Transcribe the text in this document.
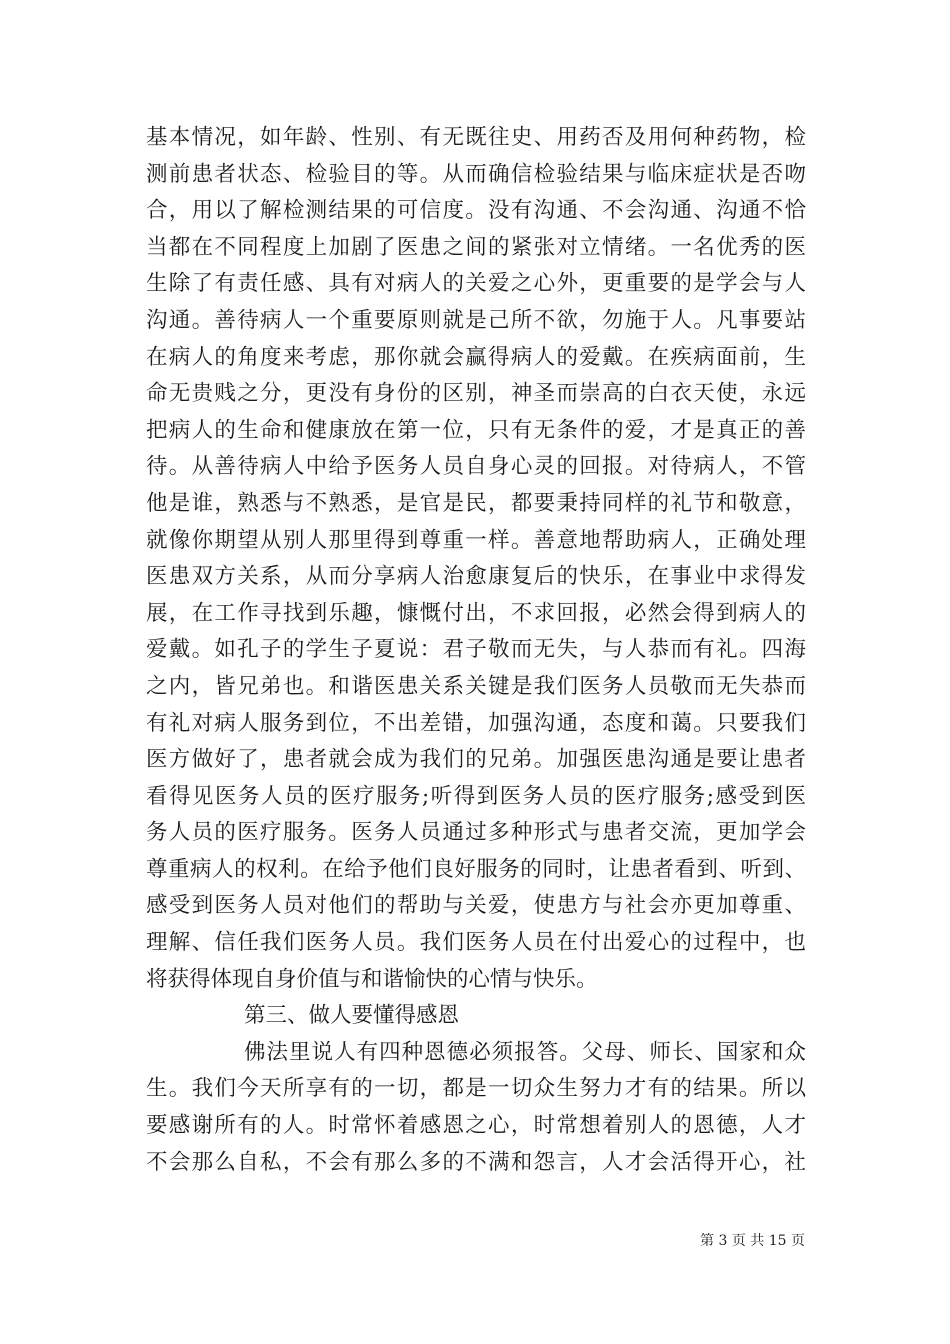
基本情况，如年龄、性别、有无既往史、用药否及用何种药物，检
测前患者状态、检验目的等。从而确信检验结果与临床症状是否吻
合，用以了解检测结果的可信度。没有沟通、不会沟通、沟通不恰
当都在不同程度上加剧了医患之间的紧张对立情绪。一名优秀的医
生除了有责任感、具有对病人的关爱之心外，更重要的是学会与人
沟通。善待病人一个重要原则就是己所不欲，勿施于人。凡事要站
在病人的角度来考虑，那你就会赢得病人的爱戴。在疾病面前，生
命无贵贱之分，更没有身份的区别，神圣而崇高的白衣天使，永远
把病人的生命和健康放在第一位，只有无条件的爱，才是真正的善
待。从善待病人中给予医务人员自身心灵的回报。对待病人，不管
他是谁，熟悉与不熟悉，是官是民，都要秉持同样的礼节和敬意，
就像你期望从别人那里得到尊重一样。善意地帮助病人，正确处理
医患双方关系，从而分享病人治愈康复后的快乐，在事业中求得发
展，在工作寻找到乐趣，慷慨付出，不求回报，必然会得到病人的
爱戴。如孔子的学生子夏说：君子敬而无失，与人恭而有礼。四海
之内，皆兄弟也。和谐医患关系关键是我们医务人员敬而无失恭而
有礼对病人服务到位，不出差错，加强沟通，态度和蔼。只要我们
医方做好了，患者就会成为我们的兄弟。加强医患沟通是要让患者
看得见医务人员的医疗服务;听得到医务人员的医疗服务;感受到医
务人员的医疗服务。医务人员通过多种形式与患者交流，更加学会
尊重病人的权利。在给予他们良好服务的同时，让患者看到、听到、
感受到医务人员对他们的帮助与关爱，使患方与社会亦更加尊重、
理解、信任我们医务人员。我们医务人员在付出爱心的过程中，也
将获得体现自身价值与和谐愉快的心情与快乐。
第三、做人要懂得感恩
佛法里说人有四种恩德必须报答。父母、师长、国家和众
生。我们今天所享有的一切，都是一切众生努力才有的结果。所以
要感谢所有的人。时常怀着感恩之心，时常想着别人的恩德，人才
不会那么自私，不会有那么多的不满和怨言，人才会活得开心，社
第 3 页 共 15 页
